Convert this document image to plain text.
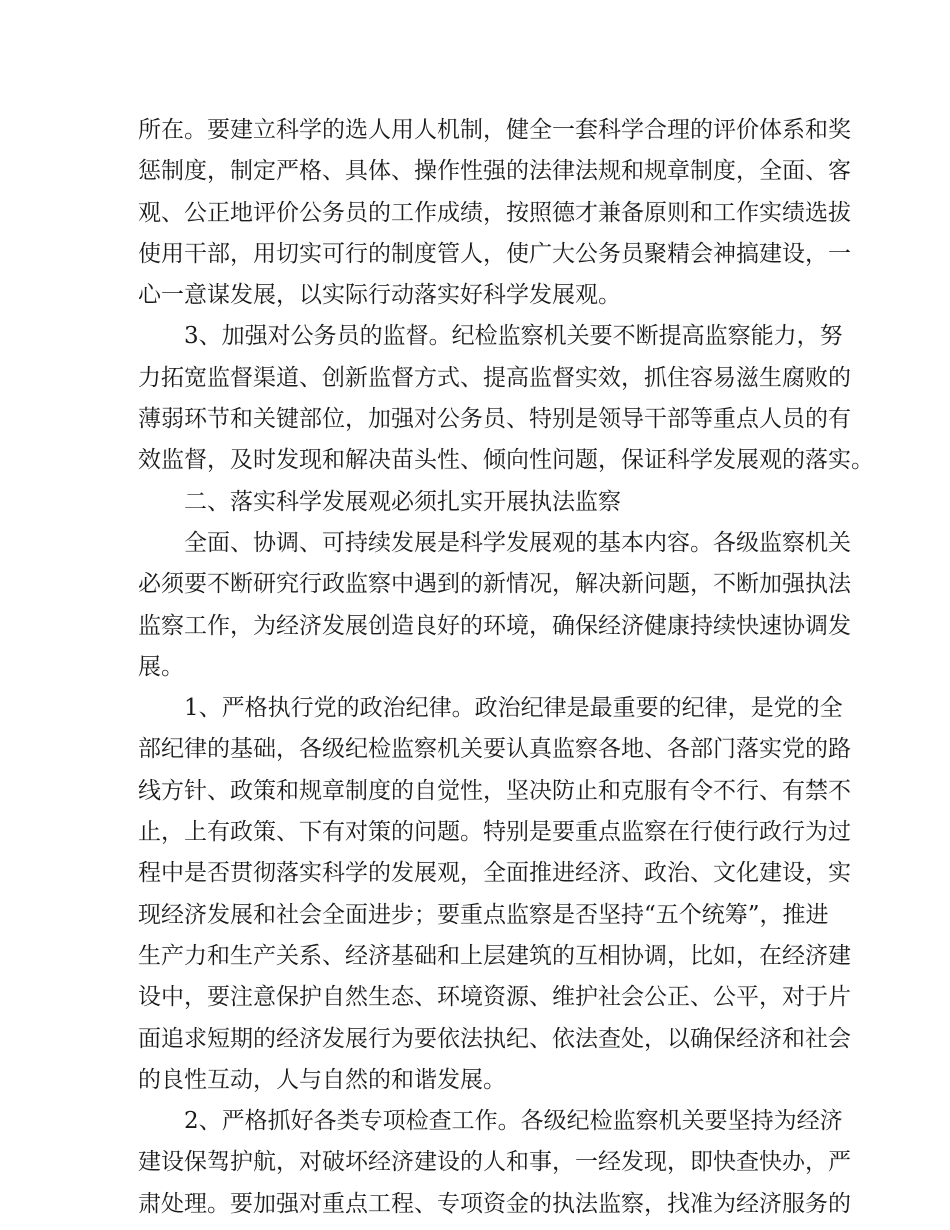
所在。要建立科学的选人用人机制，健全一套科学合理的评价体系和奖
惩制度，制定严格、具体、操作性强的法律法规和规章制度，全面、客
观、公正地评价公务员的工作成绩，按照德才兼备原则和工作实绩选拔
使用干部，用切实可行的制度管人，使广大公务员聚精会神搞建设，一
心一意谋发展，以实际行动落实好科学发展观。
3、加强对公务员的监督。纪检监察机关要不断提高监察能力，努
力拓宽监督渠道、创新监督方式、提高监督实效，抓住容易滋生腐败的
薄弱环节和关键部位，加强对公务员、特别是领导干部等重点人员的有
效监督，及时发现和解决苗头性、倾向性问题，保证科学发展观的落实。
二、落实科学发展观必须扎实开展执法监察
全面、协调、可持续发展是科学发展观的基本内容。各级监察机关
必须要不断研究行政监察中遇到的新情况，解决新问题，不断加强执法
监察工作，为经济发展创造良好的环境，确保经济健康持续快速协调发
展。
1、严格执行党的政治纪律。政治纪律是最重要的纪律，是党的全
部纪律的基础，各级纪检监察机关要认真监察各地、各部门落实党的路
线方针、政策和规章制度的自觉性，坚决防止和克服有令不行、有禁不
止，上有政策、下有对策的问题。特别是要重点监察在行使行政行为过
程中是否贯彻落实科学的发展观，全面推进经济、政治、文化建设，实
现经济发展和社会全面进步；要重点监察是否坚持“五个统筹”，推进
生产力和生产关系、经济基础和上层建筑的互相协调，比如，在经济建
设中，要注意保护自然生态、环境资源、维护社会公正、公平，对于片
面追求短期的经济发展行为要依法执纪、依法查处，以确保经济和社会
的良性互动，人与自然的和谐发展。
2、严格抓好各类专项检查工作。各级纪检监察机关要坚持为经济
建设保驾护航，对破坏经济建设的人和事，一经发现，即快查快办，严
肃处理。要加强对重点工程、专项资金的执法监察，找准为经济服务的
